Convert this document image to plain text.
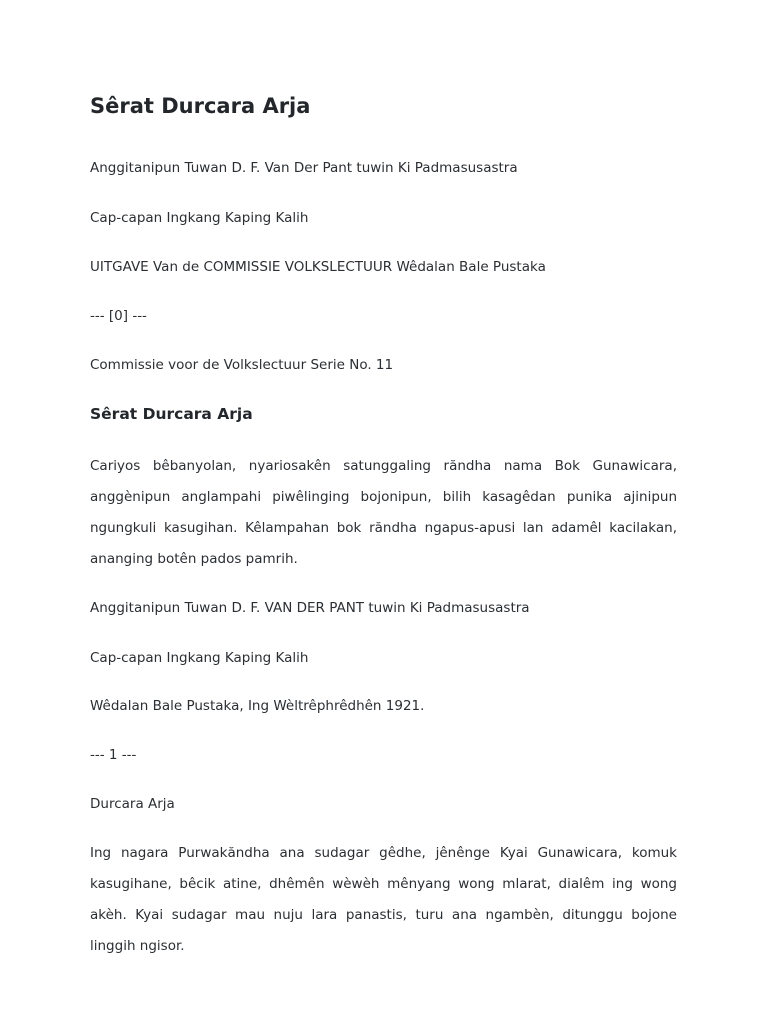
Sêrat Durcara Arja

Anggitanipun Tuwan D. F. Van Der Pant tuwin Ki Padmasusastra

Cap-capan Ingkang Kaping Kalih

UITGAVE Van de COMMISSIE VOLKSLECTUUR Wêdalan Bale Pustaka

--- [0] ---

Commissie voor de Volkslectuur Serie No. 11

Sêrat Durcara Arja

Cariyos bêbanyolan, nyariosakên satunggaling răndha nama Bok Gunawicara, anggènipun anglampahi piwêlinging bojonipun, bilih kasagêdan punika ajinipun ngungkuli kasugihan. Kêlampahan bok răndha ngapus-apusi lan adamêl kacilakan, ananging botên pados pamrih.

Anggitanipun Tuwan D. F. VAN DER PANT tuwin Ki Padmasusastra

Cap-capan Ingkang Kaping Kalih

Wêdalan Bale Pustaka, Ing Wèltrêphrêdhên 1921.

--- 1 ---

Durcara Arja

Ing nagara Purwakăndha ana sudagar gêdhe, jênênge Kyai Gunawicara, komuk kasugihane, bêcik atine, dhêmên wèwèh mênyang wong mlarat, dialêm ing wong akèh. Kyai sudagar mau nuju lara panastis, turu ana ngambèn, ditunggu bojone linggih ngisor.
